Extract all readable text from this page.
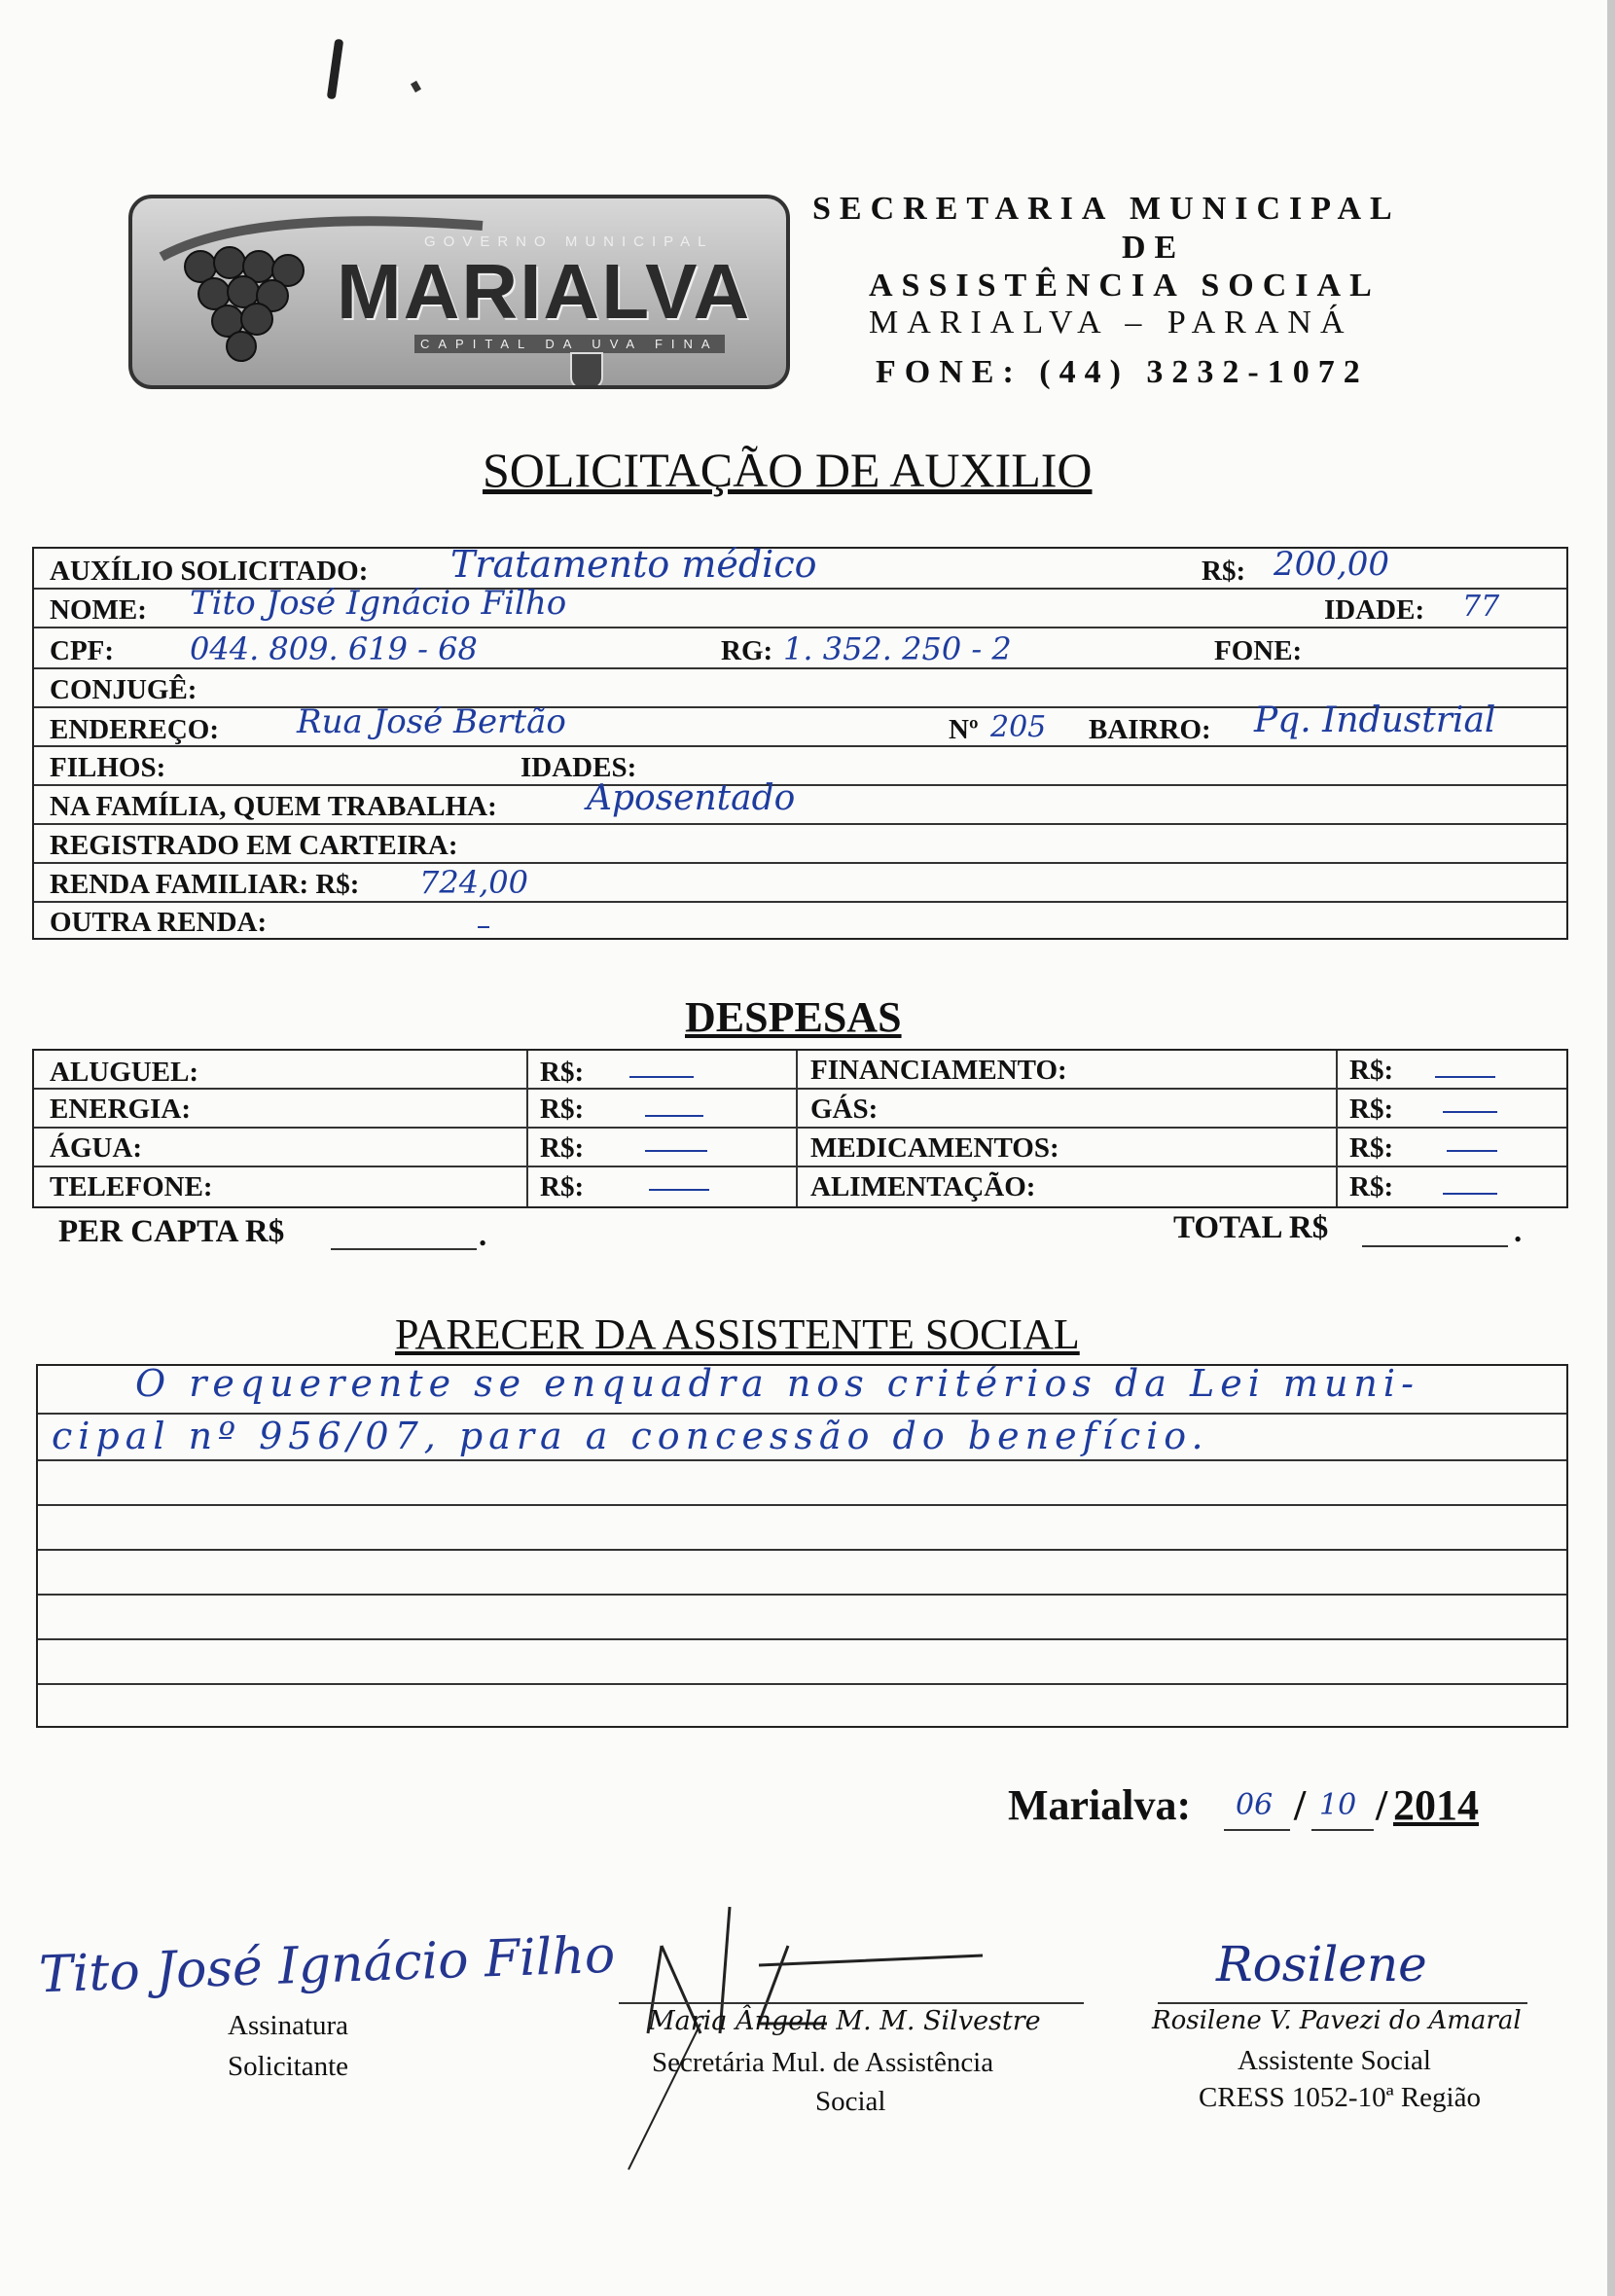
GOVERNO MUNICIPAL
MARIALVA
CAPITAL DA UVA FINA
SECRETARIA MUNICIPAL
DE
ASSISTÊNCIA SOCIAL
MARIALVA – PARANÁ
FONE: (44) 3232-1072
SOLICITAÇÃO DE AUXILIO
AUXÍLIO SOLICITADO: Tratamento médico	R$: 200,00
NOME: Tito José Ignácio Filho	IDADE: 77
CPF: 044. 809. 619 - 68	RG: 1. 352. 250 - 2	FONE:
CONJUGÊ:
ENDEREÇO: Rua José Bertão	Nº 205 BAIRRO: Pq. Industrial
FILHOS:	IDADES:
NA FAMÍLIA, QUEM TRABALHA:	Aposentado
REGISTRADO EM CARTEIRA:
RENDA FAMILIAR: R$: 724,00
OUTRA RENDA:
DESPESAS
ALUGUEL:	R$:	FINANCIAMENTO:	R$:
ENERGIA:	R$:	GÁS:	R$:
ÁGUA:	R$:	MEDICAMENTOS:	R$:
TELEFONE:	R$:	ALIMENTAÇÃO:	R$:
PER CAPTA R$	.	TOTAL R$	.
PARECER DA ASSISTENTE SOCIAL
O requerente se enquadra nos critérios da Lei muni-
cipal nº 956/07, para a concessão do benefício.
Marialva: 06 / 10 / 2014
Tito José Ignácio Filho
Assinatura
Solicitante
Maria Ângela M. M. Silvestre
Secretária Mul. de Assistência
Social
Rosilene
Rosilene V. Pavezi do Amaral
Assistente Social
CRESS 1052-10ª Região
